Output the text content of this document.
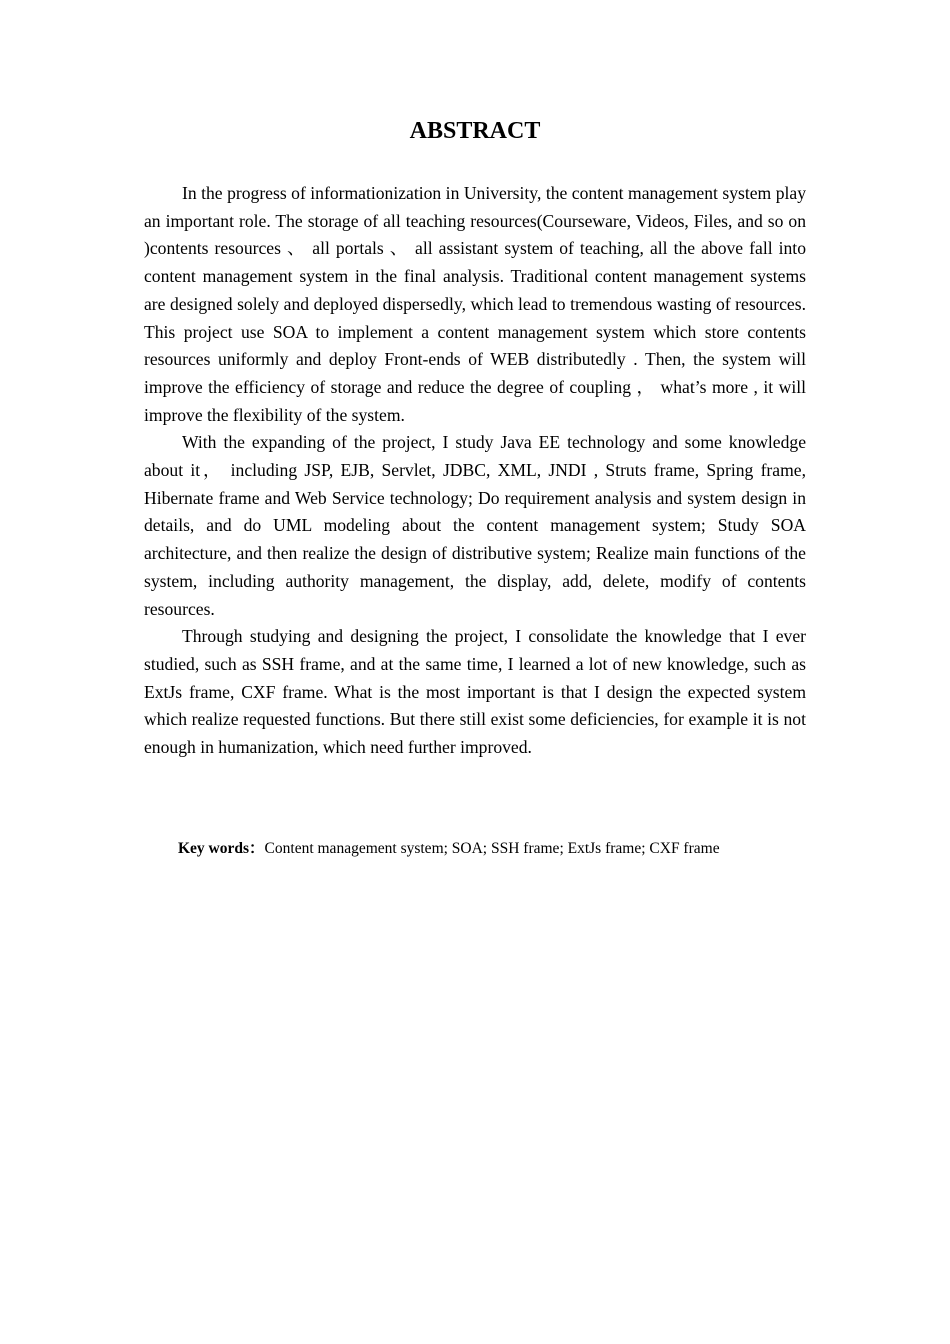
ABSTRACT

In the progress of informationization in University, the content management system play an important role. The storage of all teaching resources(Courseware, Videos, Files, and so on )contents resources 、 all portals 、 all assistant system of teaching, all the above fall into content management system in the final analysis. Traditional content management systems are designed solely and deployed dispersedly, which lead to tremendous wasting of resources. This project use SOA to implement a content management system which store contents resources uniformly and deploy Front-ends of WEB distributedly . Then, the system will improve the efficiency of storage and reduce the degree of coupling ， what’s more , it will improve the flexibility of the system.

With the expanding of the project, I study Java EE technology and some knowledge about it， including JSP, EJB, Servlet, JDBC, XML, JNDI , Struts frame, Spring frame, Hibernate frame and Web Service technology; Do requirement analysis and system design in details, and do UML modeling about the content management system; Study SOA architecture, and then realize the design of distributive system; Realize main functions of the system, including authority management, the display, add, delete, modify of contents resources.

Through studying and designing the project, I consolidate the knowledge that I ever studied, such as SSH frame, and at the same time, I learned a lot of new knowledge, such as ExtJs frame, CXF frame. What is the most important is that I design the expected system which realize requested functions. But there still exist some deficiencies, for example it is not enough in humanization, which need further improved.

Key words：Content management system; SOA; SSH frame; ExtJs frame; CXF frame
